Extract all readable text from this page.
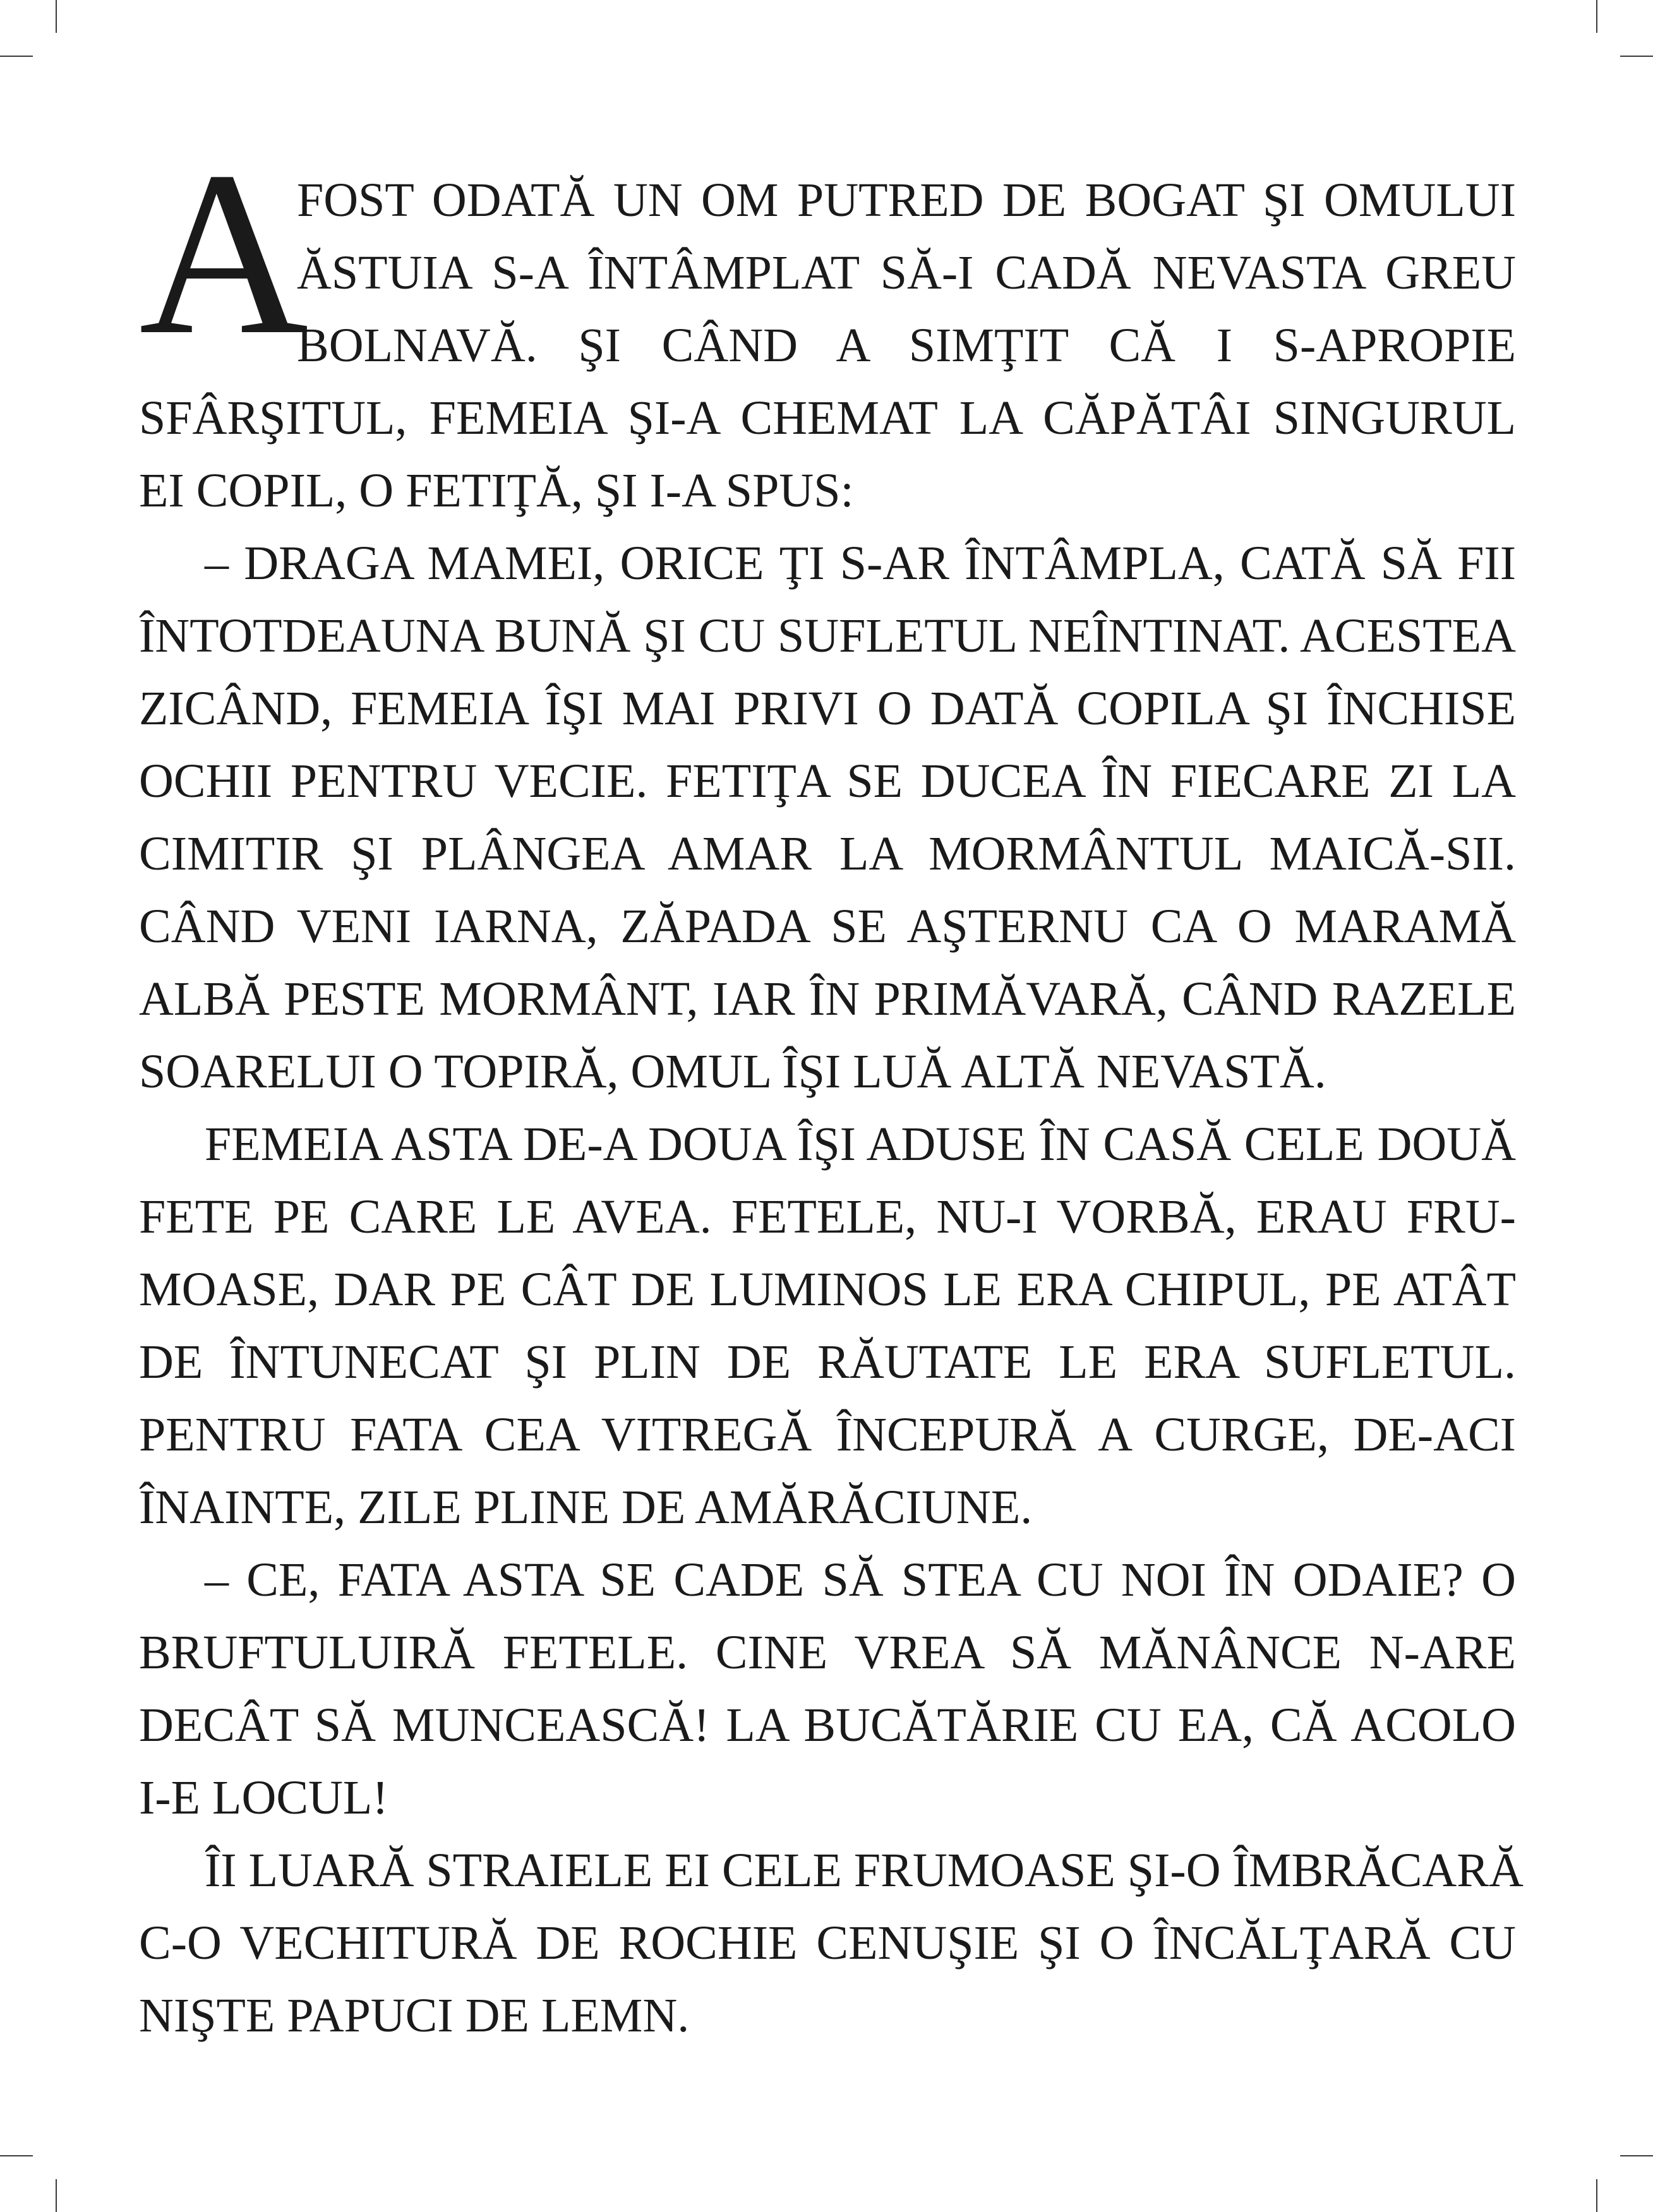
A
FOST ODATĂ UN OM PUTRED DE BOGAT ŞI OMULUI
ĂSTUIA S-A ÎNTÂMPLAT SĂ-I CADĂ NEVASTA GREU
BOLNAVĂ. ŞI CÂND A SIMŢIT CĂ I S-APROPIE
SFÂRŞITUL, FEMEIA ŞI-A CHEMAT LA CĂPĂTÂI SINGURUL
EI COPIL, O FETIŢĂ, ŞI I-A SPUS:
– DRAGA MAMEI, ORICE ŢI S-AR ÎNTÂMPLA, CATĂ SĂ FII
ÎNTOTDEAUNA BUNĂ ŞI CU SUFLETUL NEÎNTINAT. ACESTEA
ZICÂND, FEMEIA ÎŞI MAI PRIVI O DATĂ COPILA ŞI ÎNCHISE
OCHII PENTRU VECIE. FETIŢA SE DUCEA ÎN FIECARE ZI LA
CIMITIR ŞI PLÂNGEA AMAR LA MORMÂNTUL MAICĂ-SII.
CÂND VENI IARNA, ZĂPADA SE AŞTERNU CA O MARAMĂ
ALBĂ PESTE MORMÂNT, IAR ÎN PRIMĂVARĂ, CÂND RAZELE
SOARELUI O TOPIRĂ, OMUL ÎŞI LUĂ ALTĂ NEVASTĂ.
FEMEIA ASTA DE-A DOUA ÎŞI ADUSE ÎN CASĂ CELE DOUĂ
FETE PE CARE LE AVEA. FETELE, NU-I VORBĂ, ERAU FRU-
MOASE, DAR PE CÂT DE LUMINOS LE ERA CHIPUL, PE ATÂT
DE ÎNTUNECAT ŞI PLIN DE RĂUTATE LE ERA SUFLETUL.
PENTRU FATA CEA VITREGĂ ÎNCEPURĂ A CURGE, DE-ACI
ÎNAINTE, ZILE PLINE DE AMĂRĂCIUNE.
– CE, FATA ASTA SE CADE SĂ STEA CU NOI ÎN ODAIE? O
BRUFTULUIRĂ FETELE. CINE VREA SĂ MĂNÂNCE N-ARE
DECÂT SĂ MUNCEASCĂ! LA BUCĂTĂRIE CU EA, CĂ ACOLO
I-E LOCUL!
ÎI LUARĂ STRAIELE EI CELE FRUMOASE ŞI-O ÎMBRĂCARĂ
C-O VECHITURĂ DE ROCHIE CENUŞIE ŞI O ÎNCĂLŢARĂ CU
NIŞTE PAPUCI DE LEMN.
